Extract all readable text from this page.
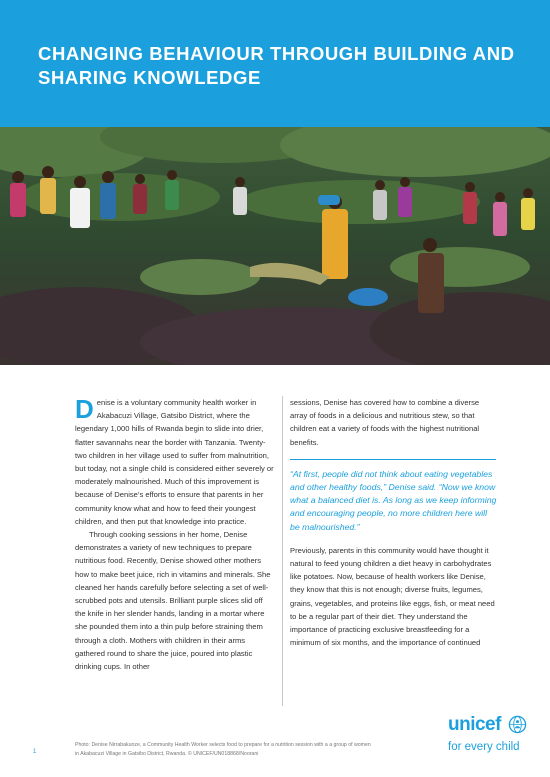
CHANGING BEHAVIOUR THROUGH BUILDING AND SHARING KNOWLEDGE

Denise is a voluntary community health worker in Akabacuzi Village, Gatsibo District, where the legendary 1,000 hills of Rwanda begin to slide into drier, flatter savannahs near the border with Tanzania. Twenty-two children in her village used to suffer from malnutrition, but today, not a single child is considered either severely or moderately malnourished. Much of this improvement is because of Denise’s efforts to ensure that parents in her community know what and how to feed their youngest children, and then put that knowledge into practice.

Through cooking sessions in her home, Denise demonstrates a variety of new techniques to prepare nutritious food. Recently, Denise showed other mothers how to make beet juice, rich in vitamins and minerals. She cleaned her hands carefully before selecting a set of well-scrubbed pots and utensils. Brilliant purple slices slid off the knife in her slender hands, landing in a mortar where she pounded them into a thin pulp before straining them through a cloth. Mothers with children in their arms gathered round to share the juice, poured into plastic drinking cups. In other

sessions, Denise has covered how to combine a diverse array of foods in a delicious and nutritious stew, so that children eat a variety of foods with the highest nutritional benefits.

“At first, people did not think about eating vegetables and other healthy foods,” Denise said. “Now we know what a balanced diet is. As long as we keep informing and encouraging people, no more children here will be malnourished.”

Previously, parents in this community would have thought it natural to feed young children a diet heavy in carbohydrates like potatoes. Now, because of health workers like Denise, they know that this is not enough; diverse fruits, legumes, grains, vegetables, and proteins like eggs, fish, or meat need to be a regular part of their diet. They understand the importance of practicing exclusive breastfeeding for a minimum of six months, and the importance of continued

Photo: Denise Nirrabakunze, a Community Health Worker selects food to prepare for a nutrition session with a a group of women in Akabacuzi Village in Gatsibo District, Rwanda. © UNICEF/UN018868/Noorani

1

unicef
for every child
